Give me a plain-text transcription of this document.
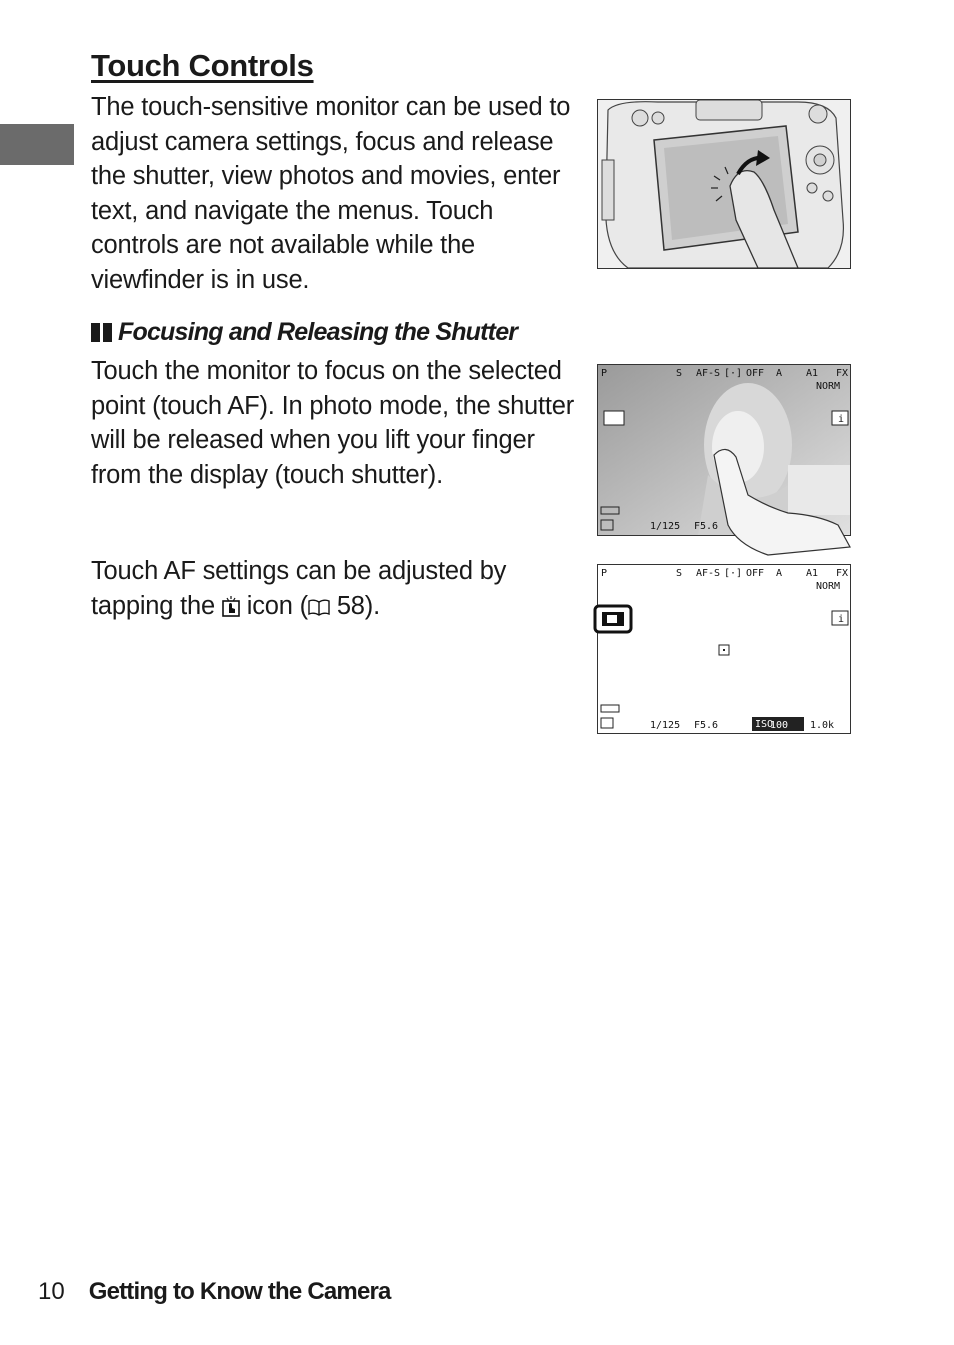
Touch Controls

The touch-sensitive monitor can be used to adjust camera settings, focus and release the shutter, view photos and movies, enter text, and navigate the menus. Touch controls are not available while the viewfinder is in use.

Focusing and Releasing the Shutter

Touch the monitor to focus on the selected point (touch AF). In photo mode, the shutter will be released when you lift your finger from the display (touch shutter).

P	S AF-S [·] OFF A A1 FX
NORM
i
1/125 F5.6

Touch AF settings can be adjusted by tapping the icon ( 58).

P	S AF-S [·] OFF A A1 FX
NORM
i
1/125 F5.6	ISO
100 1.0k
10 Getting to Know the Camera
